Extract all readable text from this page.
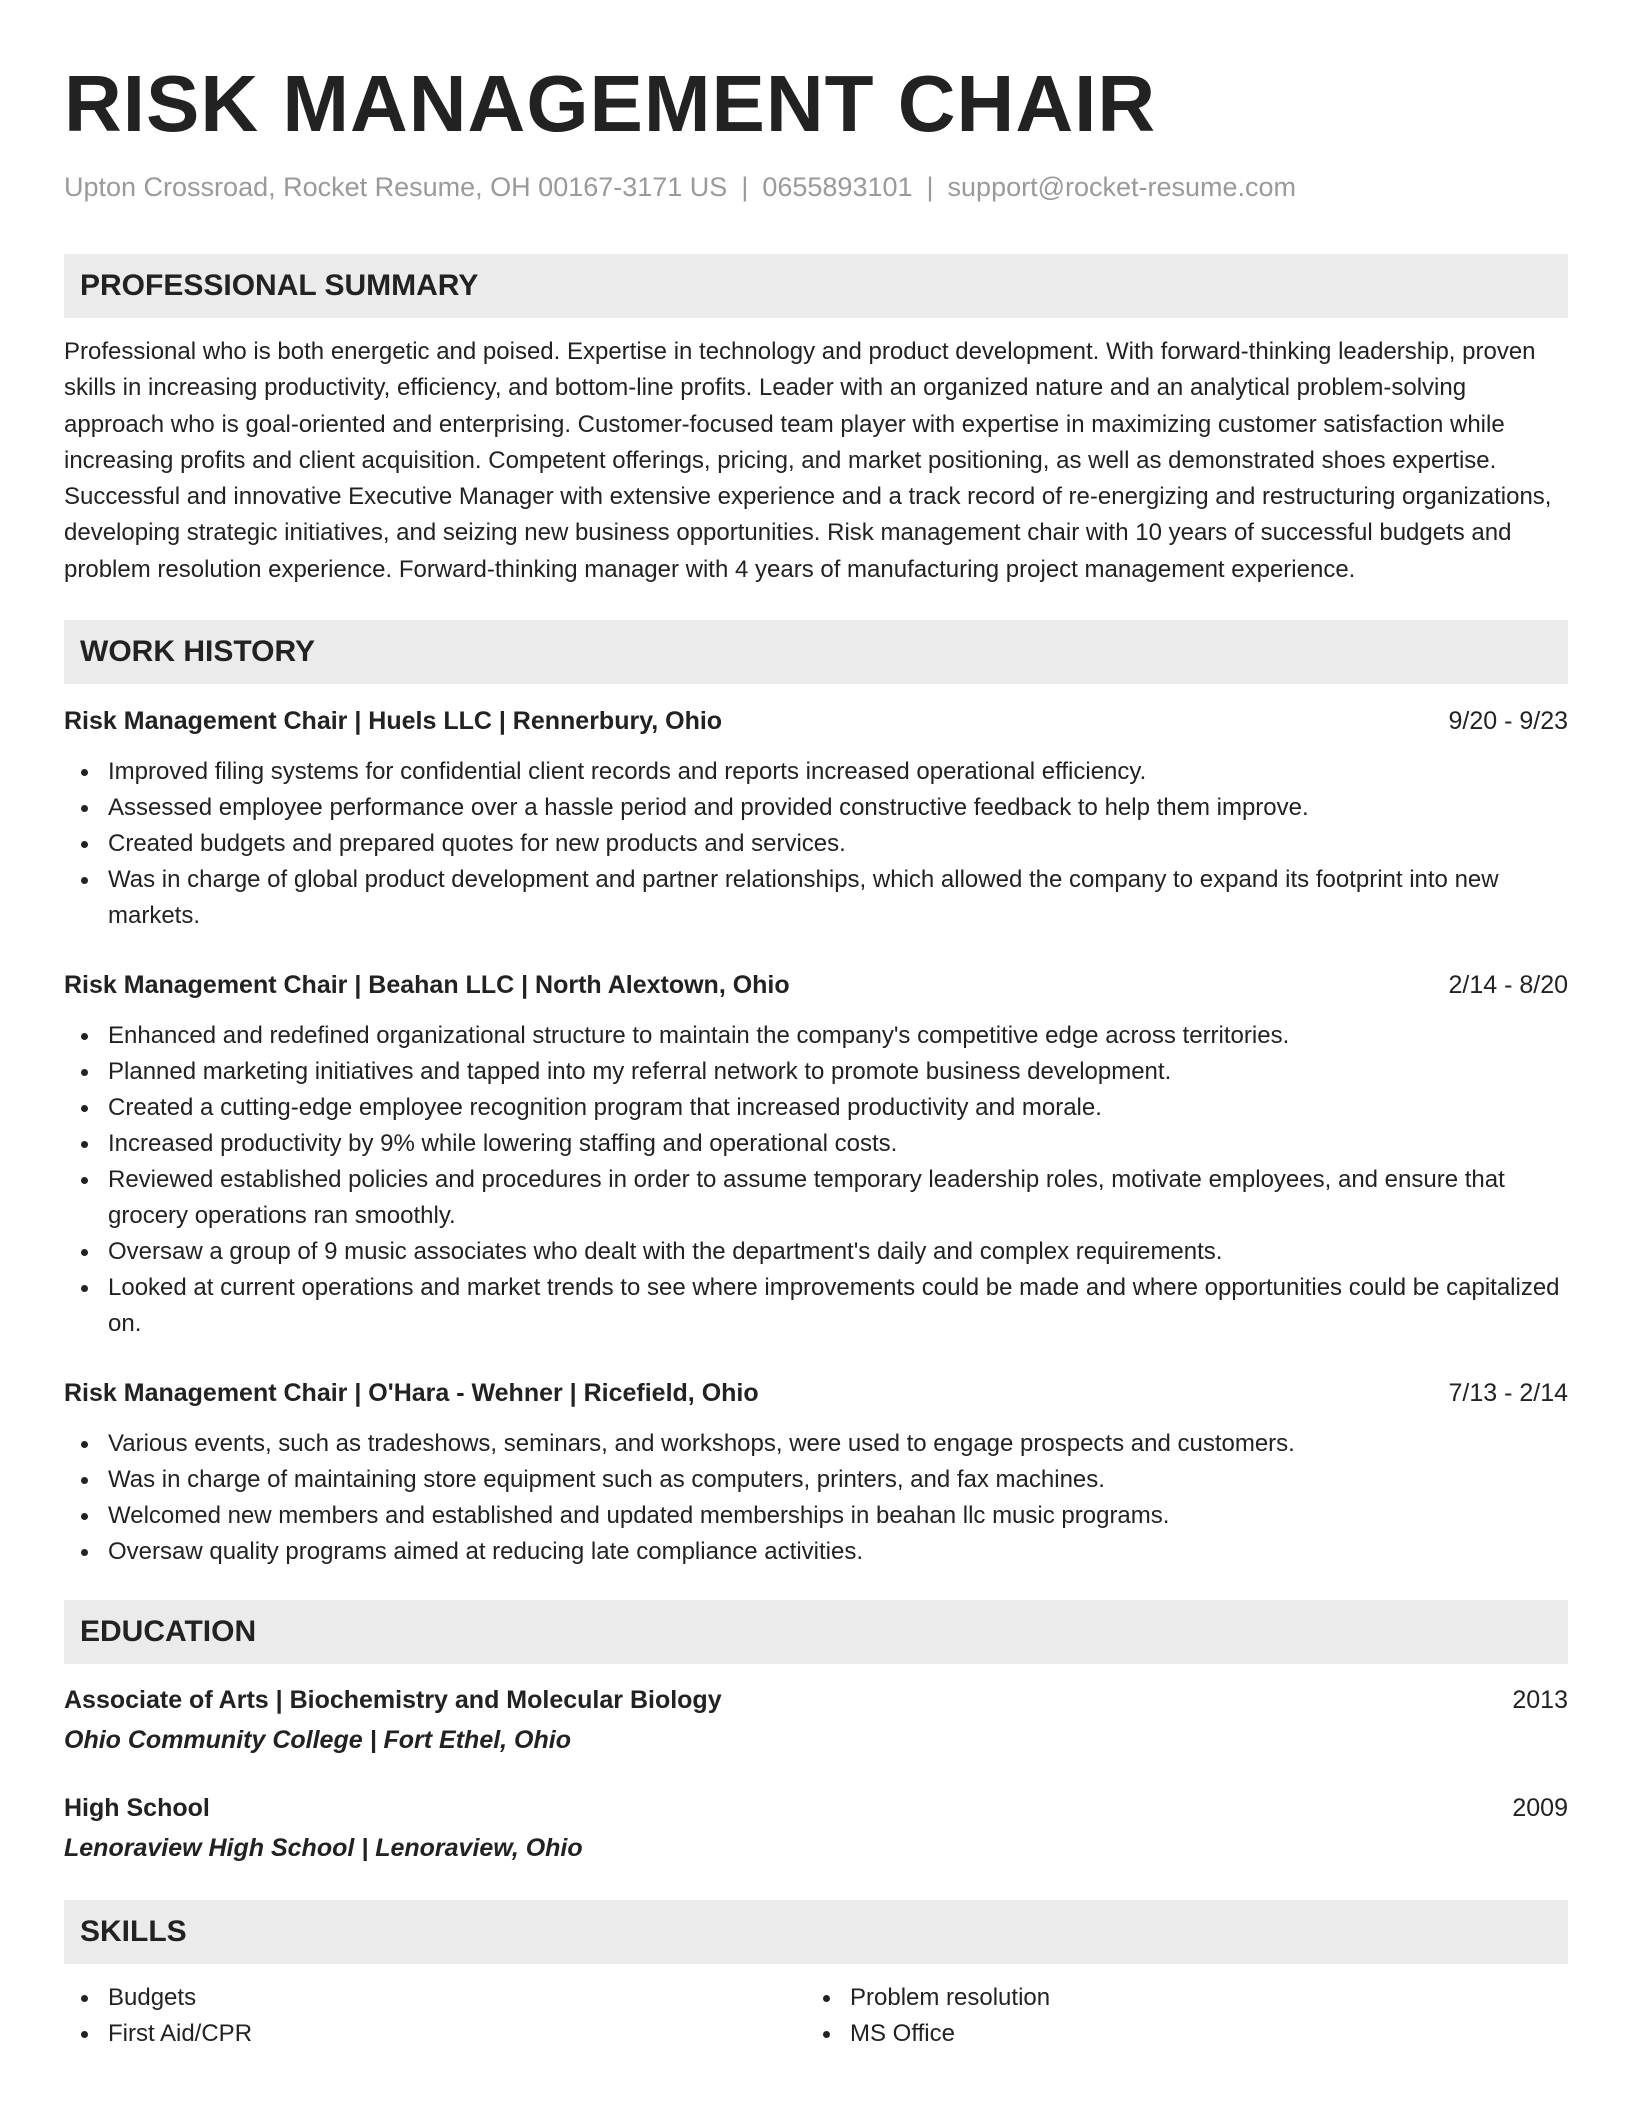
RISK MANAGEMENT CHAIR
Upton Crossroad, Rocket Resume, OH 00167-3171 US | 0655893101 | support@rocket-resume.com
PROFESSIONAL SUMMARY

Professional who is both energetic and poised. Expertise in technology and product development. With forward-thinking leadership, proven skills in increasing productivity, efficiency, and bottom-line profits. Leader with an organized nature and an analytical problem-solving approach who is goal-oriented and enterprising. Customer-focused team player with expertise in maximizing customer satisfaction while increasing profits and client acquisition. Competent offerings, pricing, and market positioning, as well as demonstrated shoes expertise. Successful and innovative Executive Manager with extensive experience and a track record of re-energizing and restructuring organizations, developing strategic initiatives, and seizing new business opportunities. Risk management chair with 10 years of successful budgets and problem resolution experience. Forward-thinking manager with 4 years of manufacturing project management experience.

WORK HISTORY
Risk Management Chair | Huels LLC | Rennerbury, Ohio	9/20 - 9/23
Improved filing systems for confidential client records and reports increased operational efficiency.
Assessed employee performance over a hassle period and provided constructive feedback to help them improve.
Created budgets and prepared quotes for new products and services.
Was in charge of global product development and partner relationships, which allowed the company to expand its footprint into new markets.
Risk Management Chair | Beahan LLC | North Alextown, Ohio	2/14 - 8/20
Enhanced and redefined organizational structure to maintain the company's competitive edge across territories.
Planned marketing initiatives and tapped into my referral network to promote business development.
Created a cutting-edge employee recognition program that increased productivity and morale.
Increased productivity by 9% while lowering staffing and operational costs.
Reviewed established policies and procedures in order to assume temporary leadership roles, motivate employees, and ensure that grocery operations ran smoothly.
Oversaw a group of 9 music associates who dealt with the department's daily and complex requirements.
Looked at current operations and market trends to see where improvements could be made and where opportunities could be capitalized on.
Risk Management Chair | O'Hara - Wehner | Ricefield, Ohio	7/13 - 2/14
Various events, such as tradeshows, seminars, and workshops, were used to engage prospects and customers.
Was in charge of maintaining store equipment such as computers, printers, and fax machines.
Welcomed new members and established and updated memberships in beahan llc music programs.
Oversaw quality programs aimed at reducing late compliance activities.
EDUCATION
Associate of Arts | Biochemistry and Molecular Biology	2013
Ohio Community College | Fort Ethel, Ohio
High School	2009
Lenoraview High School | Lenoraview, Ohio
SKILLS
Budgets
First Aid/CPR
Problem resolution
MS Office
